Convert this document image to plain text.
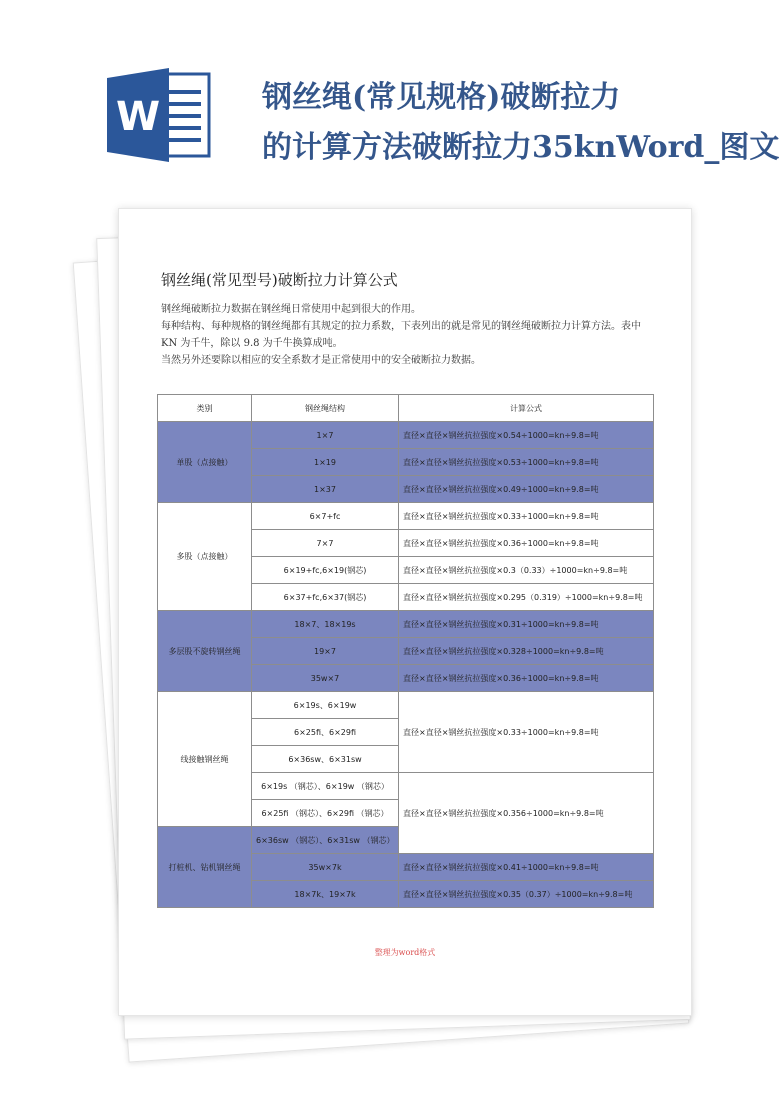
W	钢丝绳(常见规格)破断拉力
的计算方法破断拉力35knWord_图文
钢丝绳(常见型号)破断拉力计算公式

钢丝绳破断拉力数据在钢丝绳日常使用中起到很大的作用。

每种结构、每种规格的钢丝绳都有其规定的拉力系数，下表列出的就是常见的钢丝绳破断拉力计算方法。表中

KN 为千牛，除以 9.8 为千牛换算成吨。

当然另外还要除以相应的安全系数才是正常使用中的安全破断拉力数据。

类别	钢丝绳结构	计算公式
单股（点接触）	1×7	直径×直径×钢丝抗拉强度×0.54÷1000=kn÷9.8=吨
	1×19	直径×直径×钢丝抗拉强度×0.53÷1000=kn÷9.8=吨
	1×37	直径×直径×钢丝抗拉强度×0.49÷1000=kn÷9.8=吨
多股（点接触）	6×7+fc	直径×直径×钢丝抗拉强度×0.33÷1000=kn÷9.8=吨
	7×7	直径×直径×钢丝抗拉强度×0.36÷1000=kn÷9.8=吨
	6×19+fc,6×19(钢芯)	直径×直径×钢丝抗拉强度×0.3（0.33）÷1000=kn÷9.8=吨
	6×37+fc,6×37(钢芯)	直径×直径×钢丝抗拉强度×0.295（0.319）÷1000=kn÷9.8=吨
多层股不旋转钢丝绳	18×7、18×19s	直径×直径×钢丝抗拉强度×0.31÷1000=kn÷9.8=吨
	19×7	直径×直径×钢丝抗拉强度×0.328÷1000=kn÷9.8=吨
	35w×7	直径×直径×钢丝抗拉强度×0.36÷1000=kn÷9.8=吨
线接触钢丝绳	6×19s、6×19w	直径×直径×钢丝抗拉强度×0.33÷1000=kn÷9.8=吨
	6×25fi、6×29fi	
	6×36sw、6×31sw	
	6×19s （钢芯）、6×19w （钢芯）	直径×直径×钢丝抗拉强度×0.356÷1000=kn÷9.8=吨
	6×25fi （钢芯）、6×29fi （钢芯）	
打桩机、钻机钢丝绳	6×36sw （钢芯）、6×31sw （钢芯）	
	35w×7k	直径×直径×钢丝抗拉强度×0.41÷1000=kn÷9.8=吨
	18×7k、19×7k	直径×直径×钢丝抗拉强度×0.35（0.37）÷1000=kn÷9.8=吨
整理为word格式
